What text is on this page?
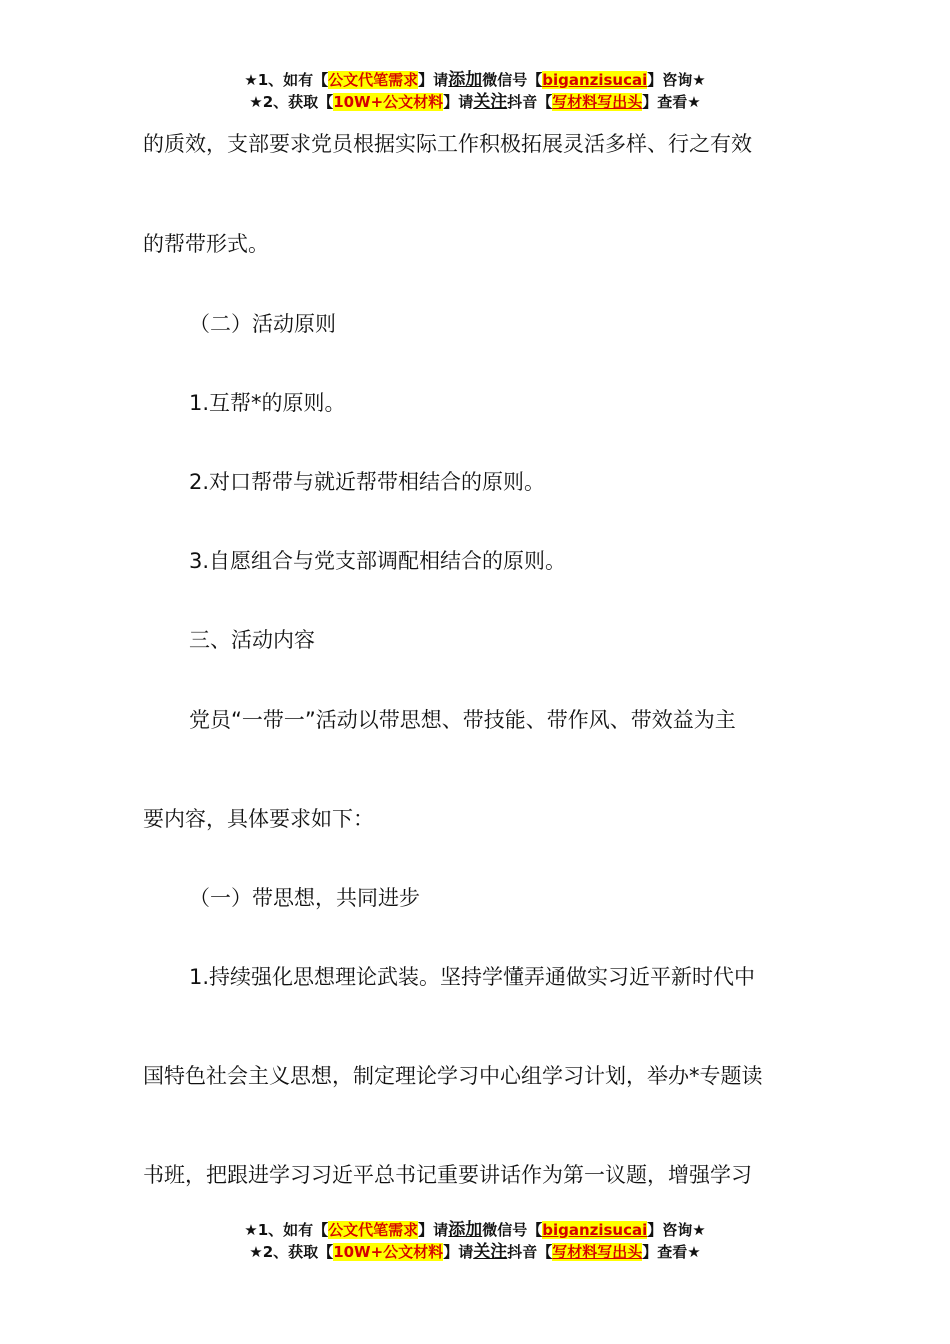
★1、如有【公文代笔需求】请添加微信号【biganzisucai】咨询★
★2、获取【10W+公文材料】请关注抖音【写材料写出头】查看★
的质效，支部要求党员根据实际工作积极拓展灵活多样、行之有效
的帮带形式。
（二）活动原则
1.互帮*的原则。
2.对口帮带与就近帮带相结合的原则。
3.自愿组合与党支部调配相结合的原则。
三、活动内容
党员“一带一”活动以带思想、带技能、带作风、带效益为主
要内容，具体要求如下：
（一）带思想，共同进步
1.持续强化思想理论武装。坚持学懂弄通做实习近平新时代中
国特色社会主义思想，制定理论学习中心组学习计划，举办*专题读
书班，把跟进学习习近平总书记重要讲话作为第一议题，增强学习
★1、如有【公文代笔需求】请添加微信号【biganzisucai】咨询★
★2、获取【10W+公文材料】请关注抖音【写材料写出头】查看★
